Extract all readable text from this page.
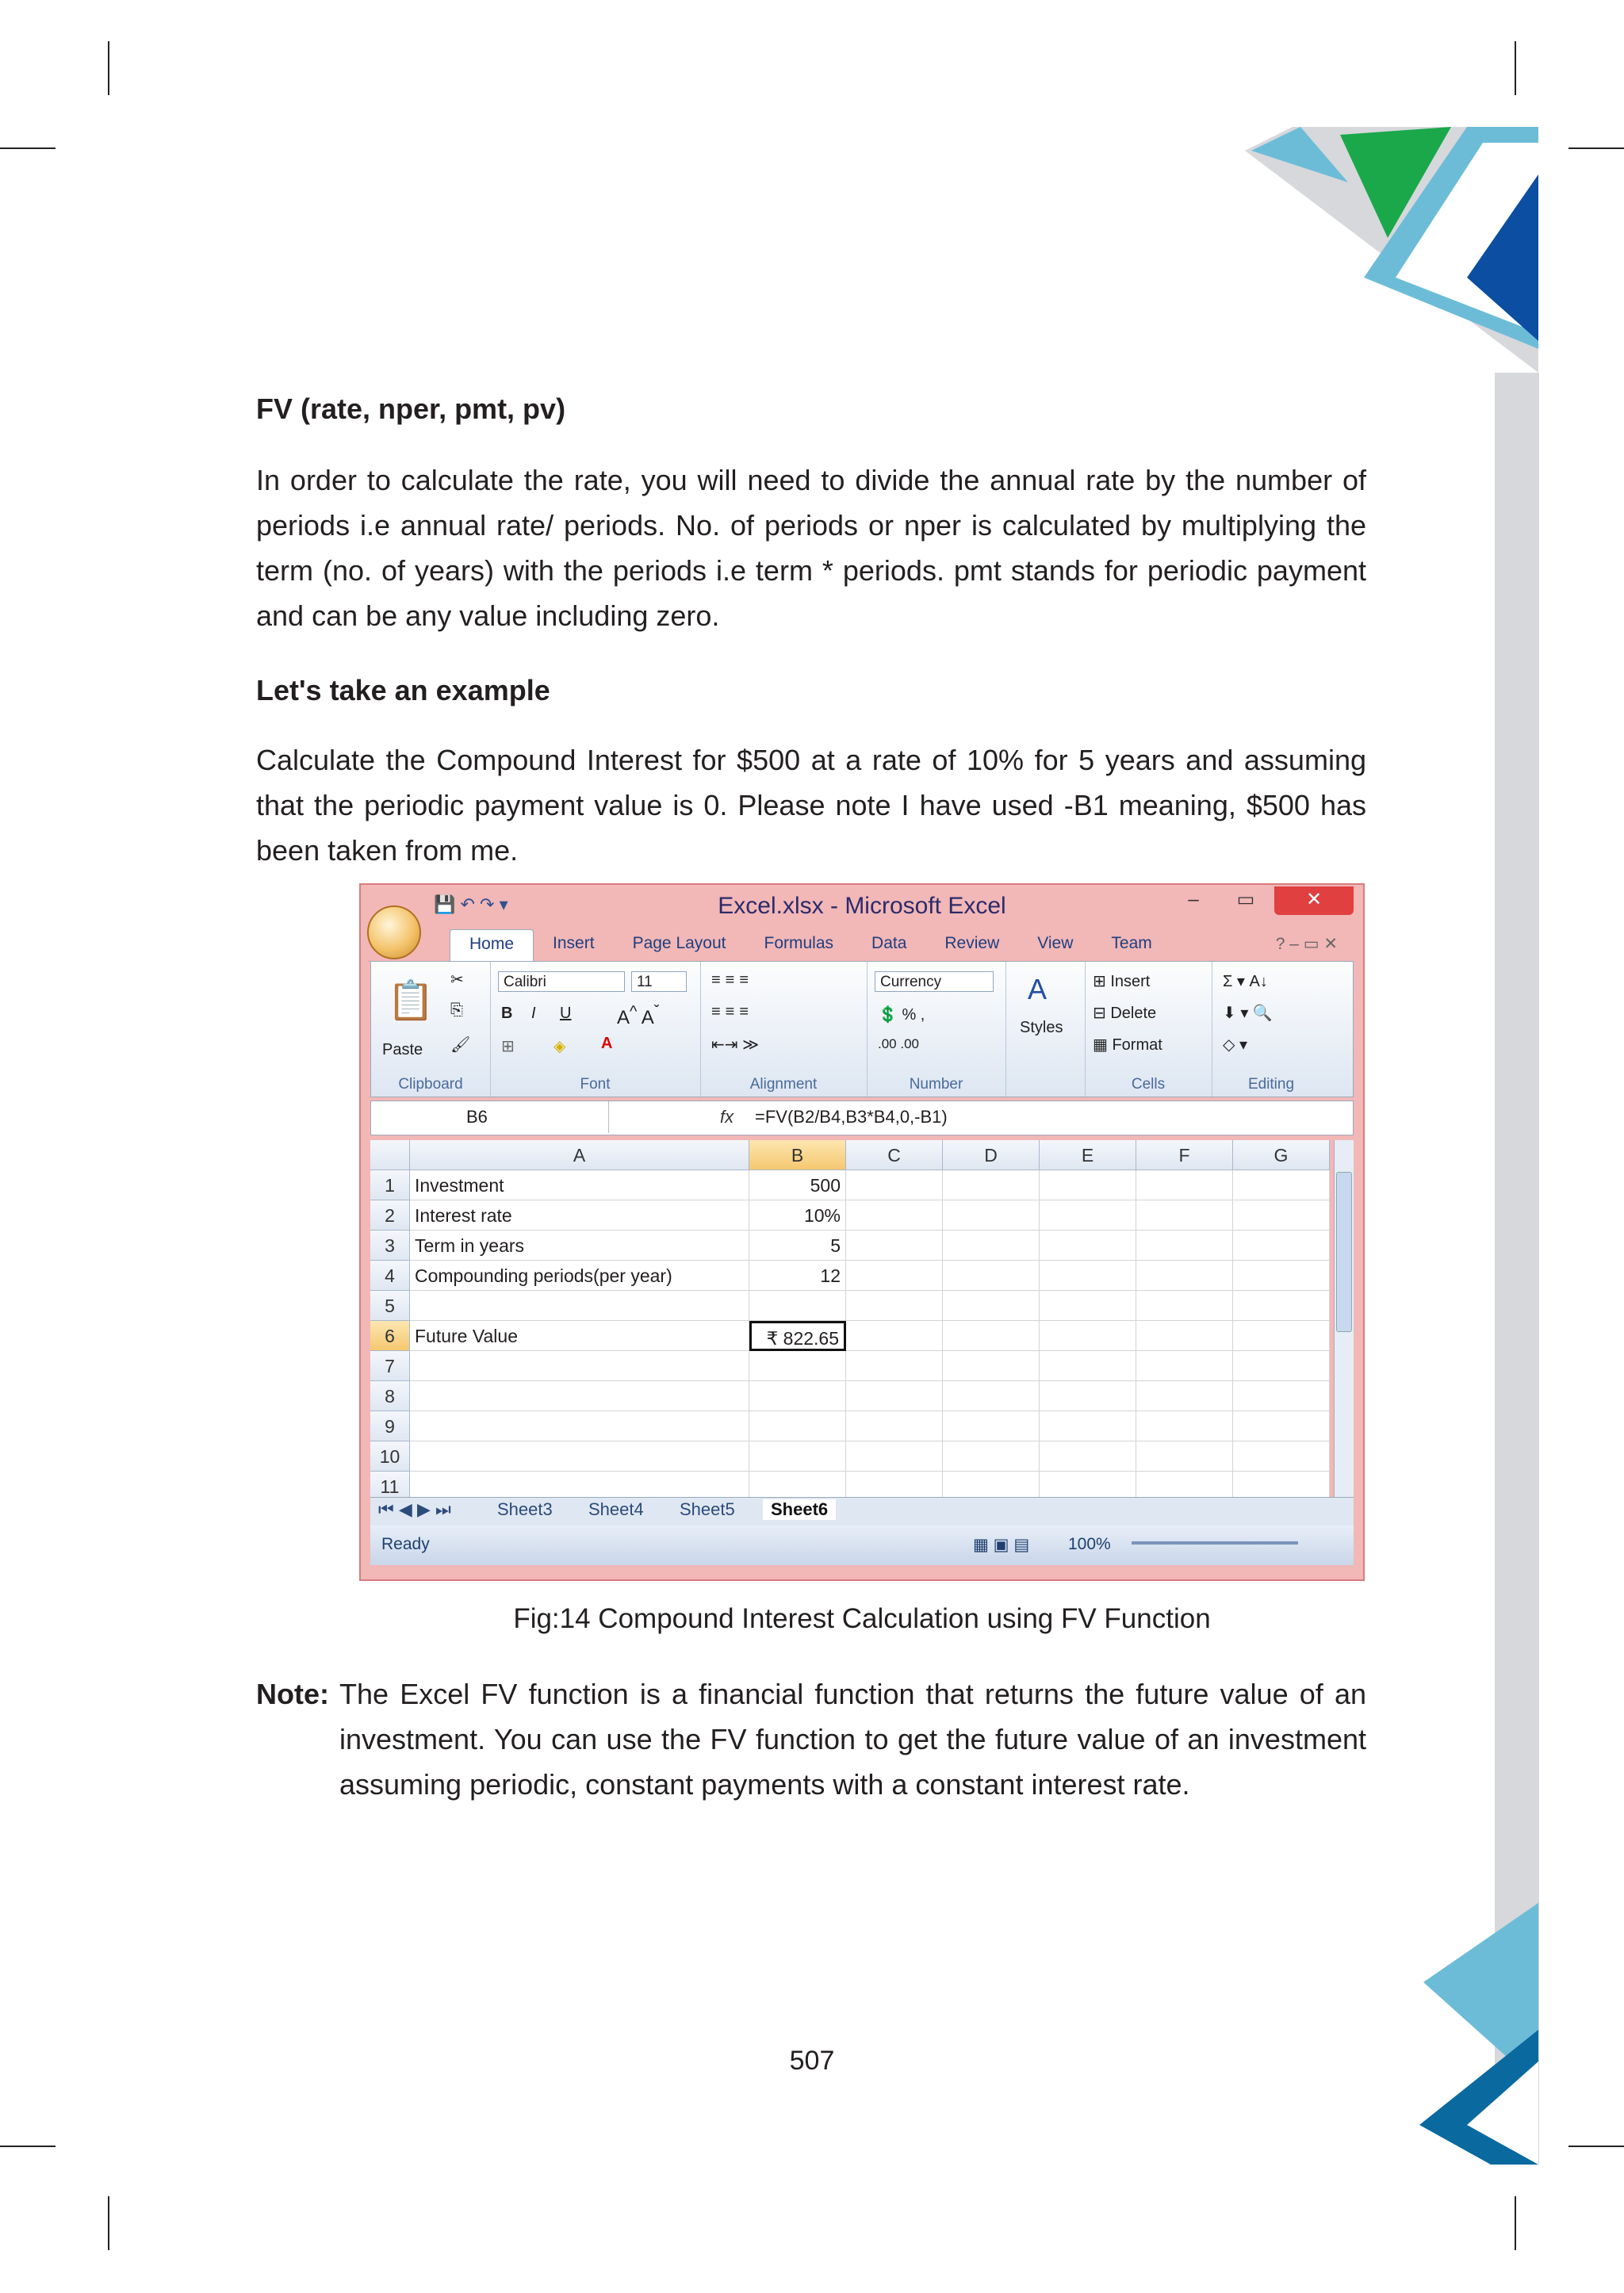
FV (rate, nper, pmt, pv)
In order to calculate the rate, you will need to divide the annual rate by the number of periods i.e annual rate/ periods. No. of periods or nper is calculated by multiplying the term (no. of years) with the periods i.e term * periods. pmt stands for periodic payment and can be any value including zero.
Let's take an example
Calculate the Compound Interest for $500 at a rate of 10% for 5 years and assuming that the periodic payment value is 0. Please note I have used -B1 meaning, $500 has been taken from me.
Excel.xlsx - Microsoft Excel
💾 ↶ ↷ ▾	–	▭	✕
Home	Insert	Page Layout	Formulas	Data	Review	View	Team	? – ▭ ✕
📋
Paste
✂
⎘
🖌
Clipboard
Calibri	11
B I U A^ $A^ˇ$
⊞ ◈ A
Font
≡≡≡
≡≡≡
⇤⇥ ≫
Alignment
Currency
💲 % ,
.00 .00
Number
A
Styles
⊞ Insert
⊟ Delete
▦ Format
Cells
Σ ▾ A↓
⬇ ▾ 🔍
◇ ▾
Editing
B6	fx =FV(B2/B4,B3*B4,0,-B1)
A	B	C	D	E	F	G
1	Investment	500
2	Interest rate	10%
3	Term in years	5
4	Compounding periods(per year)	12
5
6	Future Value	₹ 822.65
7
8
9
10
11
⏮ ◀ ▶ ⏭	Sheet3 Sheet4 Sheet5	Sheet6
Ready	▦ ▣ ▤ 100%
Fig:14 Compound Interest Calculation using FV Function
Note: The Excel FV function is a financial function that returns the future value of an investment. You can use the FV function to get the future value of an investment assuming periodic, constant payments with a constant interest rate.
507
